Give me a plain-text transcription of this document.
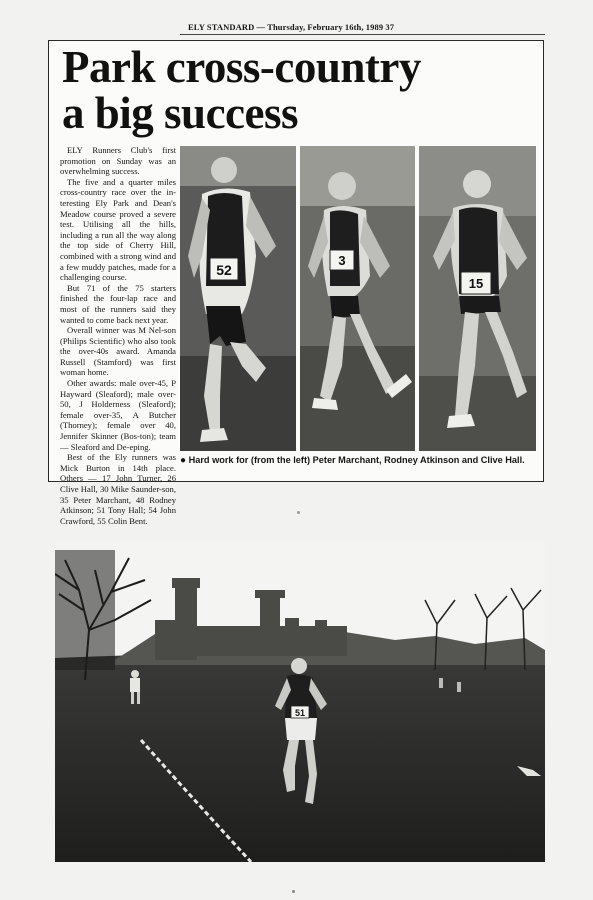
ELY STANDARD — Thursday, February 16th, 1989 37
Park cross-country
a big success

ELY Runners Club's first promotion on Sunday was an overwhelming success.

The five and a quarter miles cross-country race over the in-teresting Ely Park and Dean's Meadow course proved a severe test. Utilising all the hills, including a run all the way along the top side of Cherry Hill, combined with a strong wind and a few muddy patches, made for a challenging course.

But 71 of the 75 starters finished the four-lap race and most of the runners said they wanted to come back next year.

Overall winner was M Nel-son (Philips Scientific) who also took the over-40s award. Amanda Russell (Stamford) was first woman home.

Other awards: male over-45, P Hayward (Sleaford); male over-50, J Holderness (Sleaford); female over-35, A Butcher (Thorney); female over 40, Jennifer Skinner (Bos-ton); team — Sleaford and De-eping.

Best of the Ely runners was Mick Burton in 14th place. Others — 17 John Turner, 26 Clive Hall, 30 Mike Saunder-son, 35 Peter Marchant, 48 Rodney Atkinson; 51 Tony Hall; 54 John Crawford, 55 Colin Bent.

52
3
15
● Hard work for (from the left) Peter Marchant, Rodney Atkinson and Clive Hall.
51
